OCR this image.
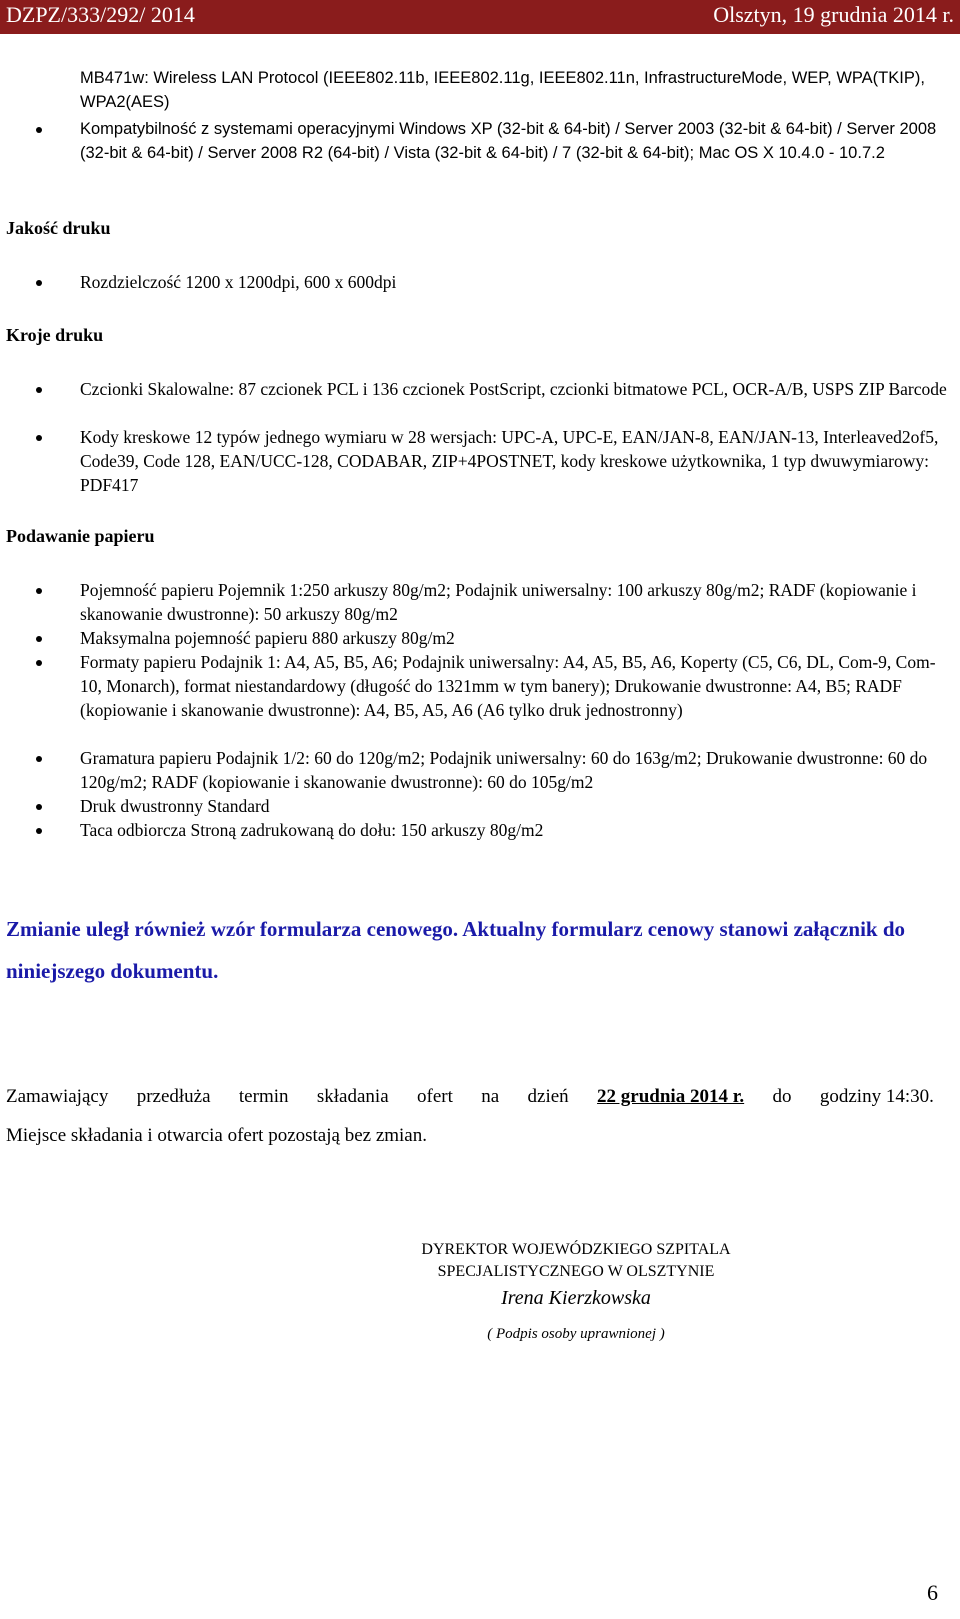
DZPZ/333/292/ 2014	Olsztyn, 19 grudnia 2014 r.
MB471w: Wireless LAN Protocol (IEEE802.11b, IEEE802.11g, IEEE802.11n, InfrastructureMode, WEP, WPA(TKIP), WPA2(AES)
Kompatybilność z systemami operacyjnymi Windows XP (32-bit & 64-bit) / Server 2003 (32-bit & 64-bit) / Server 2008 (32-bit & 64-bit) / Server 2008 R2 (64-bit) / Vista (32-bit & 64-bit) / 7 (32-bit & 64-bit); Mac OS X 10.4.0 - 10.7.2
Jakość druku
Rozdzielczość 1200 x 1200dpi, 600 x 600dpi
Kroje druku
Czcionki Skalowalne: 87 czcionek PCL i 136 czcionek PostScript, czcionki bitmatowe PCL, OCR-A/B, USPS ZIP Barcode
Kody kreskowe 12 typów jednego wymiaru w 28 wersjach: UPC-A, UPC-E, EAN/JAN-8, EAN/JAN-13, Interleaved2of5, Code39, Code 128, EAN/UCC-128, CODABAR, ZIP+4POSTNET, kody kreskowe użytkownika, 1 typ dwuwymiarowy: PDF417
Podawanie papieru
Pojemność papieru Pojemnik 1:250 arkuszy 80g/m2; Podajnik uniwersalny: 100 arkuszy 80g/m2; RADF (kopiowanie i skanowanie dwustronne): 50 arkuszy 80g/m2
Maksymalna pojemność papieru 880 arkuszy 80g/m2
Formaty papieru Podajnik 1: A4, A5, B5, A6; Podajnik uniwersalny: A4, A5, B5, A6, Koperty (C5, C6, DL, Com-9, Com-10, Monarch), format niestandardowy (długość do 1321mm w tym banery); Drukowanie dwustronne: A4, B5; RADF (kopiowanie i skanowanie dwustronne): A4, B5, A5, A6 (A6 tylko druk jednostronny)
Gramatura papieru Podajnik 1/2: 60 do 120g/m2; Podajnik uniwersalny: 60 do 163g/m2; Drukowanie dwustronne: 60 do 120g/m2; RADF (kopiowanie i skanowanie dwustronne): 60 do 105g/m2
Druk dwustronny Standard
Taca odbiorcza Stroną zadrukowaną do dołu: 150 arkuszy 80g/m2
Zmianie uległ również wzór formularza cenowego. Aktualny formularz cenowy stanowi załącznik do niniejszego dokumentu.
Zamawiający przedłuża termin składania ofert na dzień 22 grudnia 2014 r. do godziny 14:30.
Miejsce składania i otwarcia ofert pozostają bez zmian.
DYREKTOR WOJEWÓDZKIEGO SZPITALA
SPECJALISTYCZNEGO W OLSZTYNIE
Irena Kierzkowska
( Podpis osoby uprawnionej )
6
